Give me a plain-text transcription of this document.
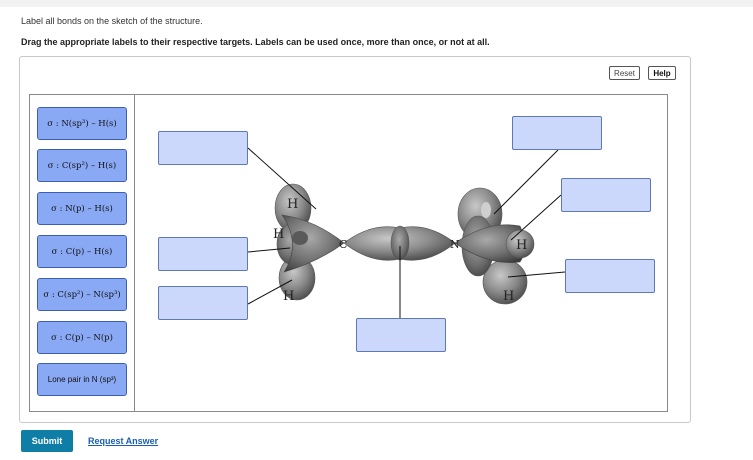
Label all bonds on the sketch of the structure.
Drag the appropriate labels to their respective targets. Labels can be used once, more than once, or not at all.
Reset	Help
σ : N(sp³) – H(s)
σ : C(sp²) – H(s)
σ : N(p) – H(s)
σ : C(p) – H(s)
σ : C(sp²) – N(sp³)
σ : C(p) – N(p)
Lone pair in N (sp³)
H
H
H
C	N	H
H
Submit	Request Answer
